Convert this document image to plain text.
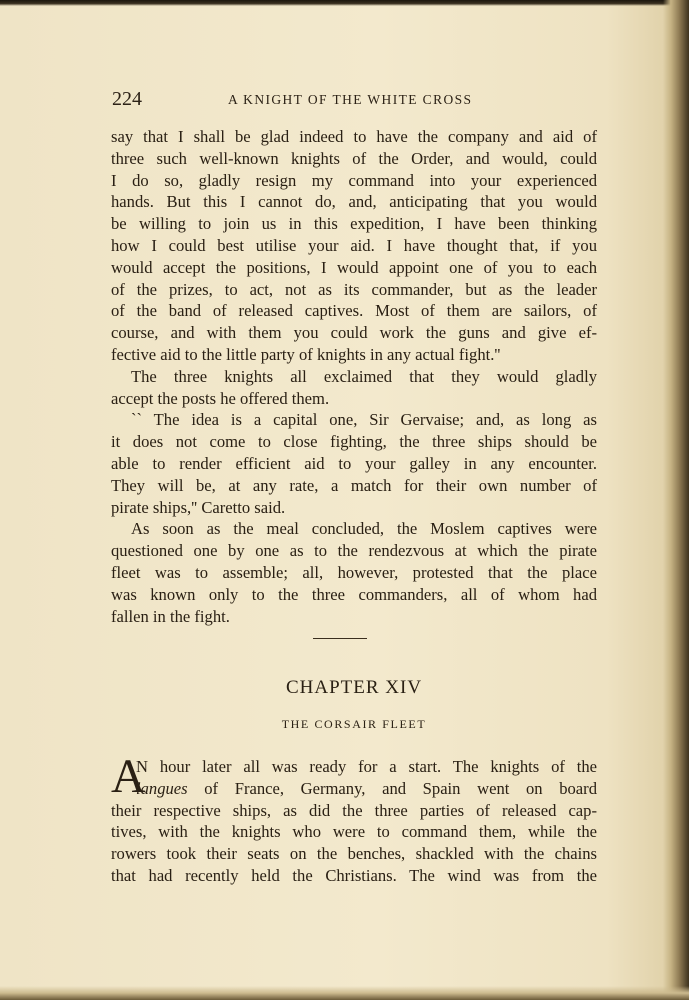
224	A KNIGHT OF THE WHITE CROSS
say that I shall be glad indeed to have the company and aid of
three such well-known knights of the Order, and would, could
I do so, gladly resign my command into your experienced
hands. But this I cannot do, and, anticipating that you would
be willing to join us in this expedition, I have been thinking
how I could best utilise your aid. I have thought that, if you
would accept the positions, I would appoint one of you to each
of the prizes, to act, not as its commander, but as the leader
of the band of released captives. Most of them are sailors, of
course, and with them you could work the guns and give ef-
fective aid to the little party of knights in any actual fight.''
The three knights all exclaimed that they would gladly
accept the posts he offered them.
`` The idea is a capital one, Sir Gervaise; and, as long as
it does not come to close fighting, the three ships should be
able to render efficient aid to your galley in any encounter.
They will be, at any rate, a match for their own number of
pirate ships,'' Caretto said.
As soon as the meal concluded, the Moslem captives were
questioned one by one as to the rendezvous at which the pirate
fleet was to assemble; all, however, protested that the place
was known only to the three commanders, all of whom had
fallen in the fight.
CHAPTER XIV
THE CORSAIR FLEET
A
N hour later all was ready for a start. The knights of the
langues of France, Germany, and Spain went on board
their respective ships, as did the three parties of released cap-
tives, with the knights who were to command them, while the
rowers took their seats on the benches, shackled with the chains
that had recently held the Christians. The wind was from the
